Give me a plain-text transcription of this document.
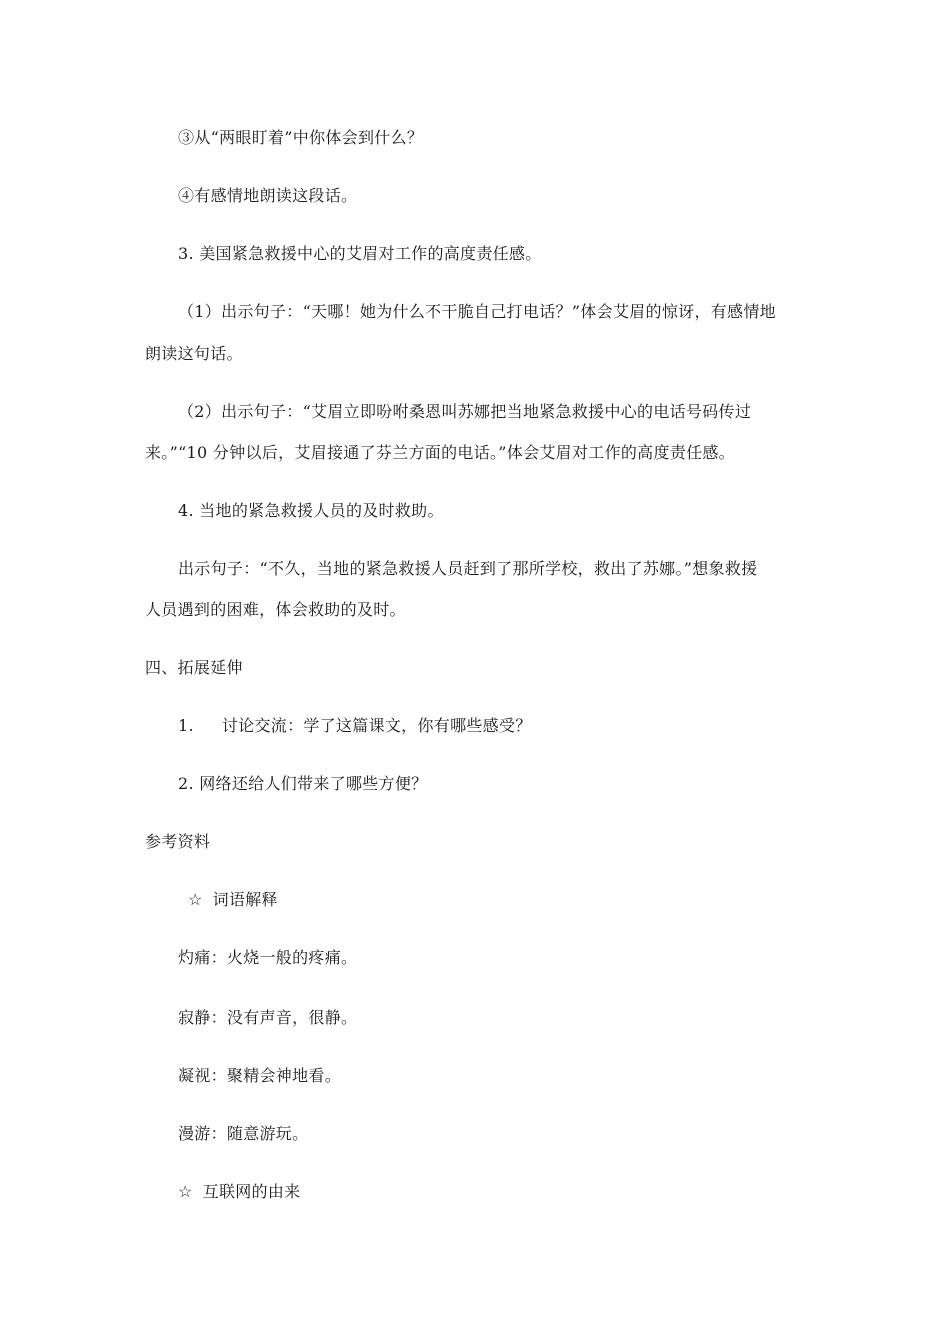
③从“两眼盯着”中你体会到什么？
④有感情地朗读这段话。
3. 美国紧急救援中心的艾眉对工作的高度责任感。
（1）出示句子：“天哪！她为什么不干脆自己打电话？”体会艾眉的惊讶，有感情地
朗读这句话。
（2）出示句子：“艾眉立即吩咐桑恩叫苏娜把当地紧急救援中心的电话号码传过
来。”“10 分钟以后，艾眉接通了芬兰方面的电话。”体会艾眉对工作的高度责任感。
4. 当地的紧急救援人员的及时救助。
出示句子：“不久，当地的紧急救援人员赶到了那所学校，救出了苏娜。”想象救援
人员遇到的困难，体会救助的及时。
四、拓展延伸
1. 讨论交流：学了这篇课文，你有哪些感受？
2. 网络还给人们带来了哪些方便？
参考资料
☆ 词语解释
灼痛：火烧一般的疼痛。
寂静：没有声音，很静。
凝视：聚精会神地看。
漫游：随意游玩。
☆ 互联网的由来
